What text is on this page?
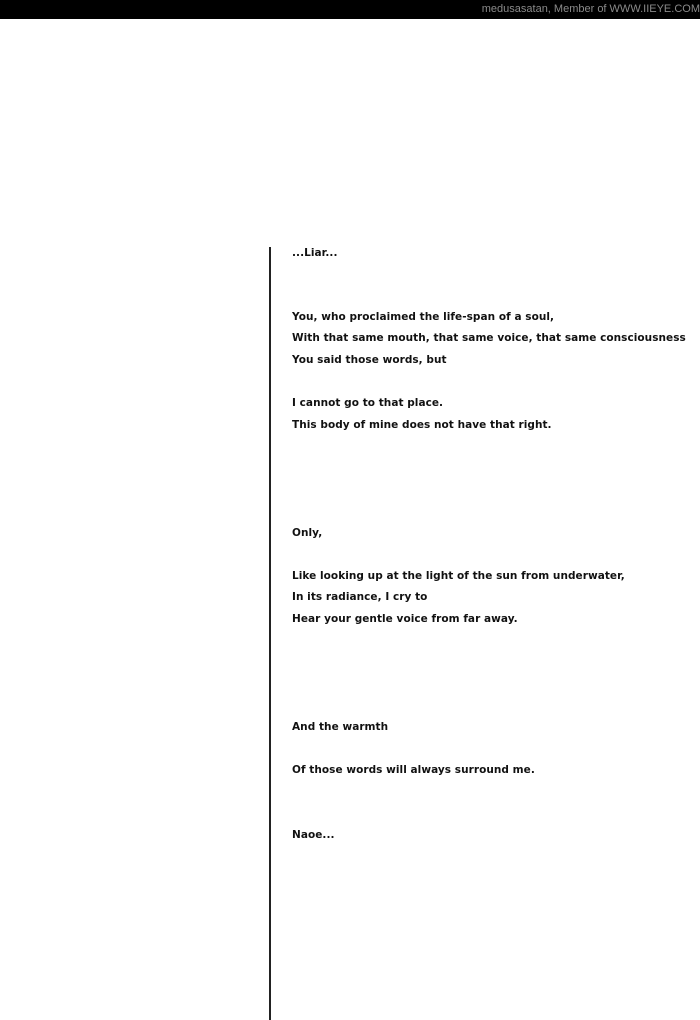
medusasatan, Member of WWW.IIEYE.COM
...Liar...
You, who proclaimed the life-span of a soul,
With that same mouth, that same voice, that same consciousness
You said those words, but
I cannot go to that place.
This body of mine does not have that right.
Only,
Like looking up at the light of the sun from underwater,
In its radiance, I cry to
Hear your gentle voice from far away.
And the warmth
Of those words will always surround me.
Naoe...
